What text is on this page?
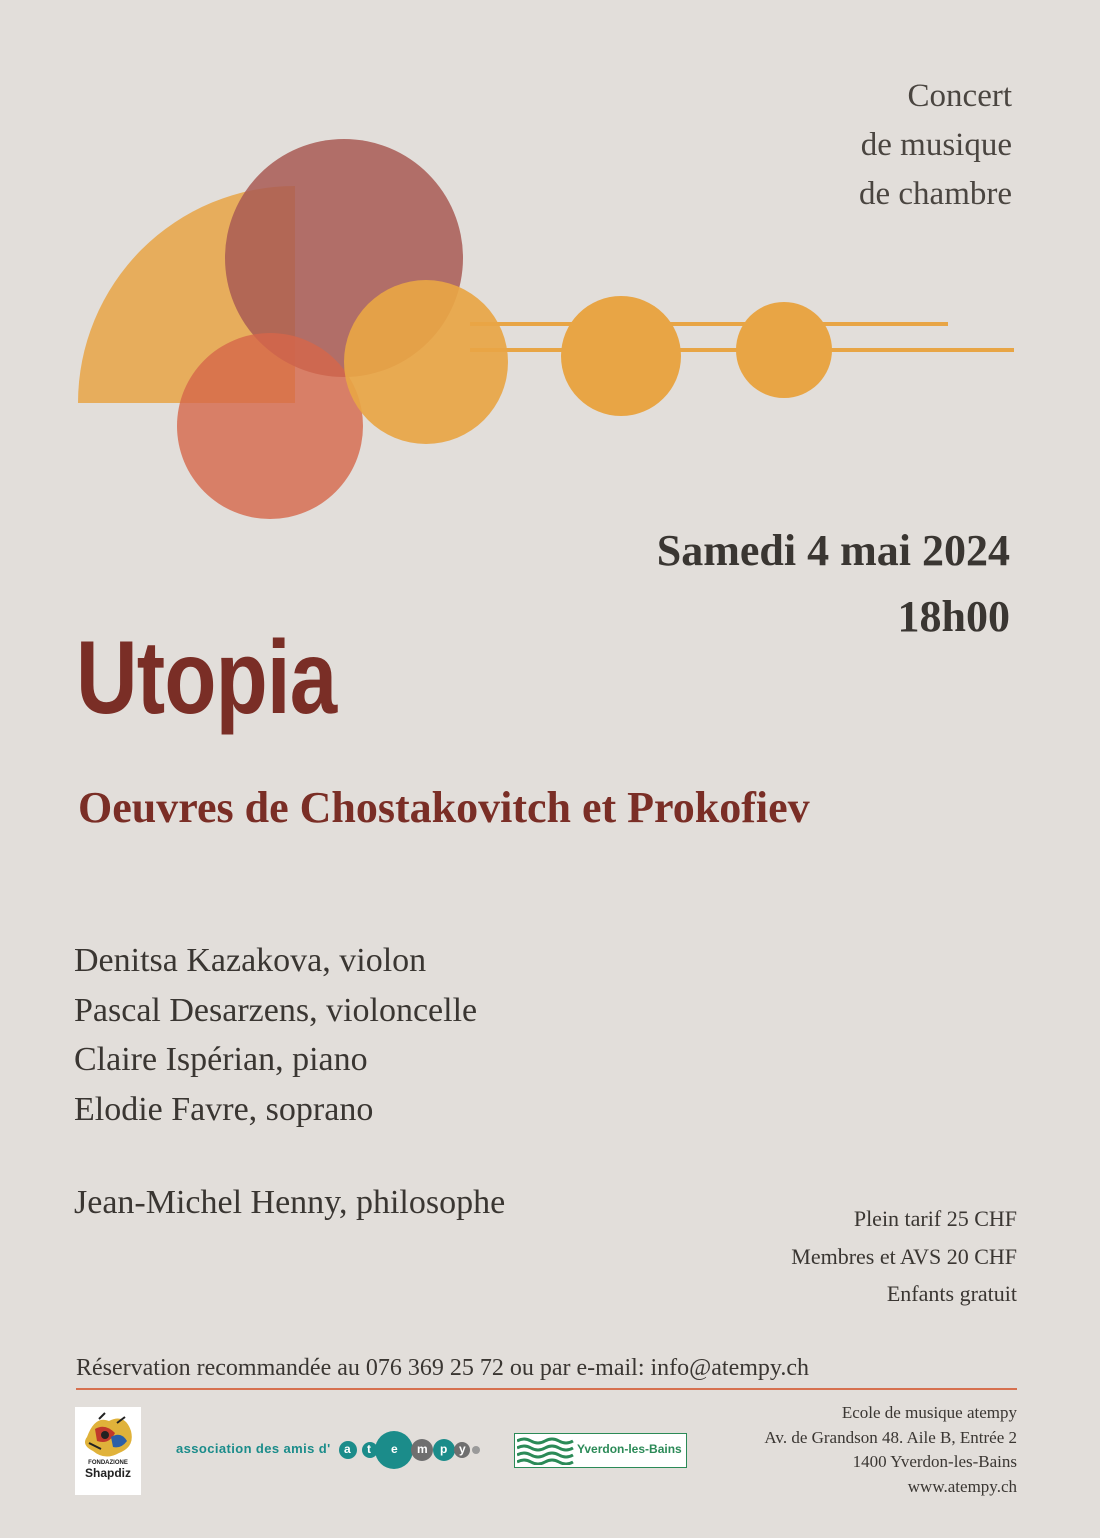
Concert
de musique
de chambre
Samedi 4 mai 2024
18h00
Utopia
Oeuvres de Chostakovitch et Prokofiev
Denitsa Kazakova, violon
Pascal Desarzens, violoncelle
Claire Ispérian, piano
Elodie Favre, soprano
Jean-Michel Henny, philosophe	Plein tarif 25 CHF
Membres et AVS 20 CHF
Enfants gratuit
Réservation recommandée au 076 369 25 72 ou par e-mail: info@atempy.ch
FONDAZIONE
Shapdiz
association des amis d' a t e m p y	Yverdon-les-Bains
Ecole de musique atempy
Av. de Grandson 48. Aile B, Entrée 2
1400 Yverdon-les-Bains
www.atempy.ch
